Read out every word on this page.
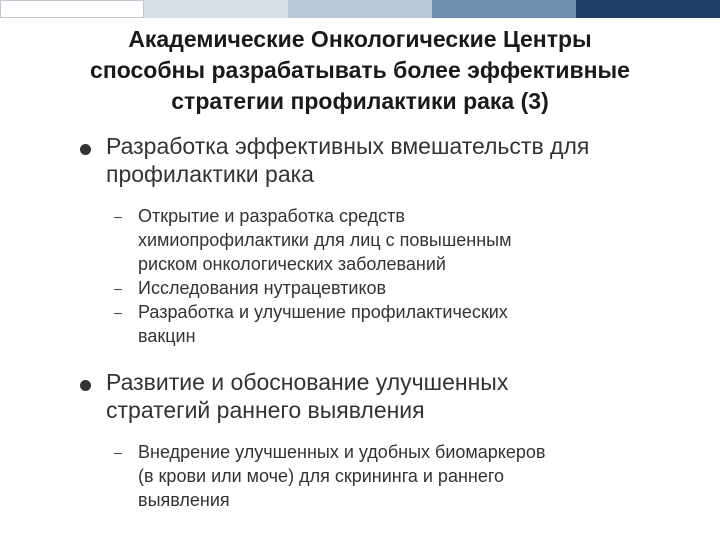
Академические Онкологические Центры
способны разрабатывать более эффективные
стратегии профилактики рака (3)
Разработка эффективных вмешательств для
профилактики рака
– Открытие и разработка средств
химиопрофилактики для лиц с повышенным
риском онкологических заболеваний
– Исследования нутрацевтиков
– Разработка и улучшение профилактических
вакцин
Развитие и обоснование улучшенных
стратегий раннего выявления
– Внедрение улучшенных и удобных биомаркеров
(в крови или моче) для скрининга и раннего
выявления
